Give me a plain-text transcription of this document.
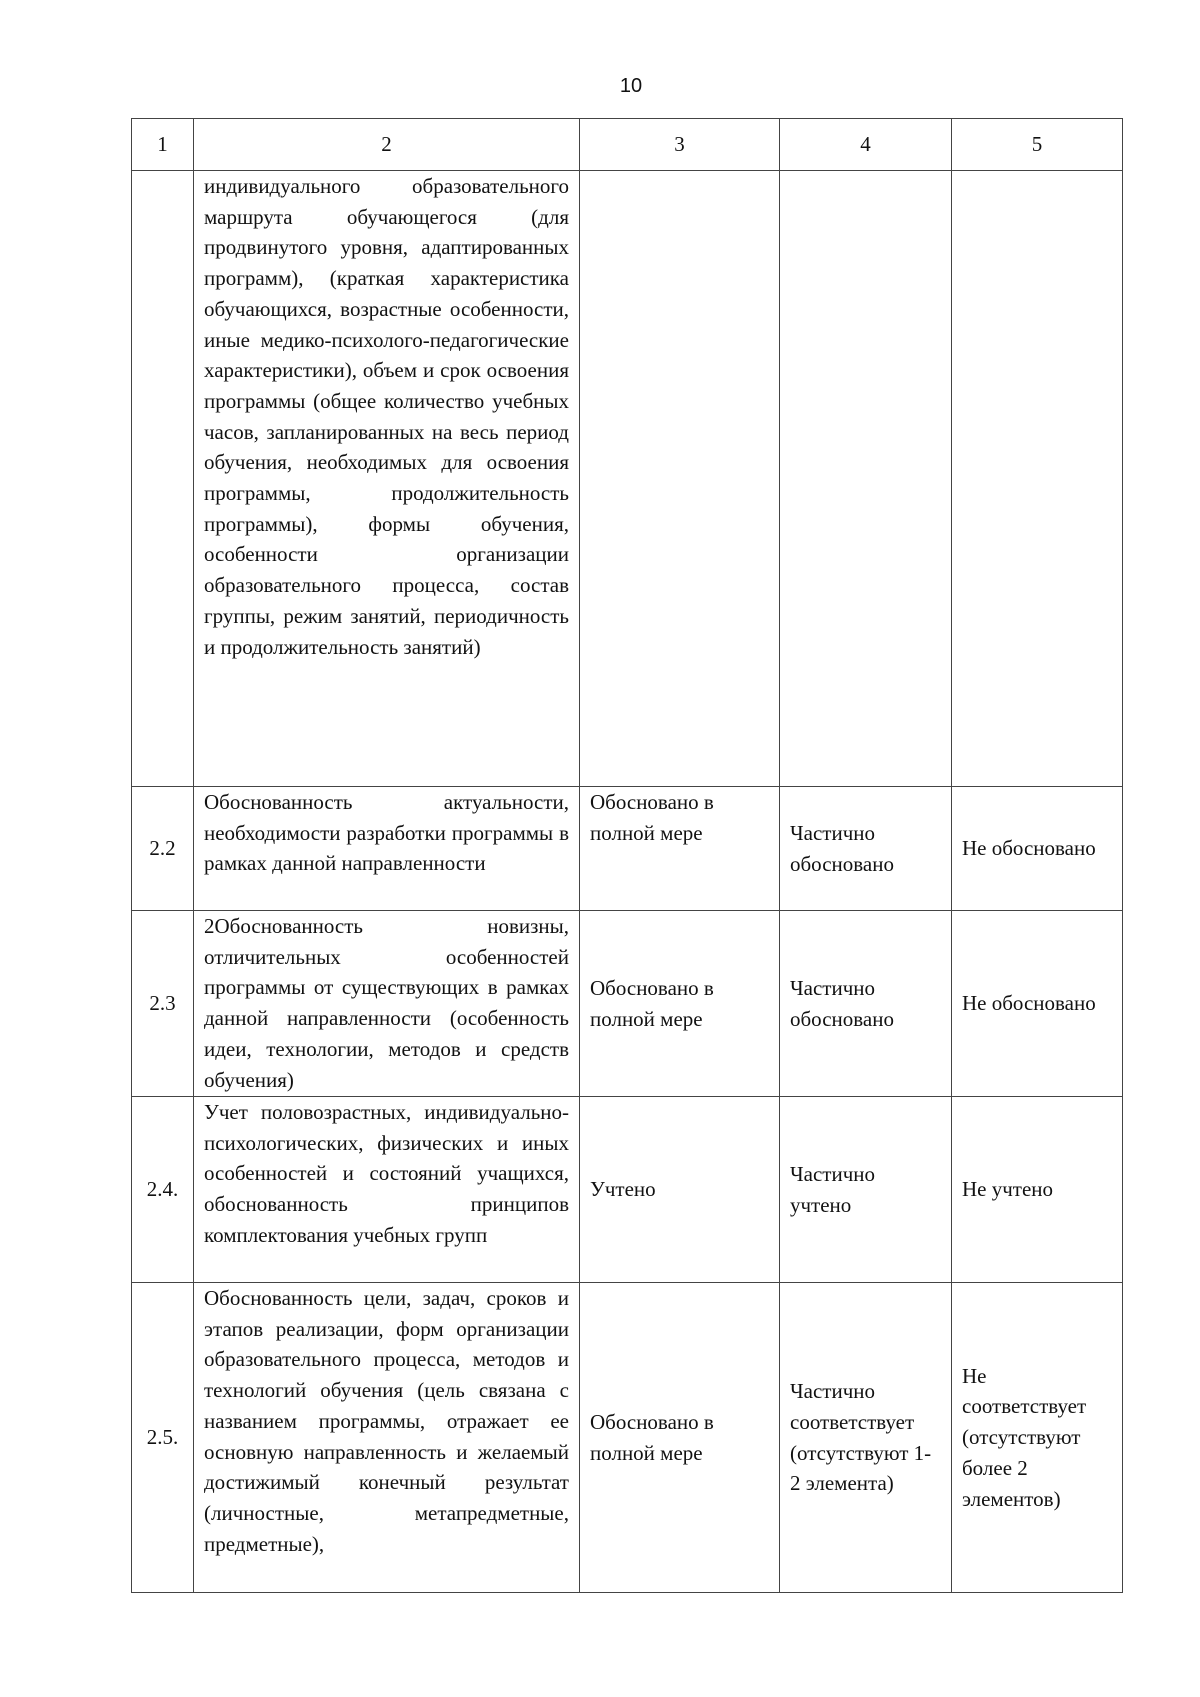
10
1	2	3	4	5
	индивидуального образовательного маршрута обучающегося (для продвинутого уровня, адаптированных программ), (краткая характеристика обучающихся, возрастные особенности, иные медико-психолого-педагогические характеристики), объем и срок освоения программы (общее количество учебных часов, запланированных на весь период обучения, необходимых для освоения программы, продолжительность программы), формы обучения, особенности организации образовательного процесса, состав группы, режим занятий, периодичность и продолжительность занятий)			
2.2	Обоснованность актуальности, необходимости разработки программы в рамках данной направленности	Обосновано в полной мере	Частично обосновано	Не обосновано
2.3	2Обоснованность новизны, отличительных особенностей программы от существующих в рамках данной направленности (особенность идеи, технологии, методов и средств обучения)	Обосновано в полной мере	Частично обосновано	Не обосновано
2.4.	Учет половозрастных, индивидуально-психологических, физических и иных особенностей и состояний учащихся, обоснованность принципов комплектования учебных групп	Учтено	Частично учтено	Не учтено
2.5.	Обоснованность цели, задач, сроков и этапов реализации, форм организации образовательного процесса, методов и технологий обучения (цель связана с названием программы, отражает ее основную направленность и желаемый достижимый конечный результат (личностные, метапредметные, предметные),	Обосновано в полной мере	Частично соответствует (отсутствуют 1-2 элемента)	Не соответствует (отсутствуют более 2 элементов)
